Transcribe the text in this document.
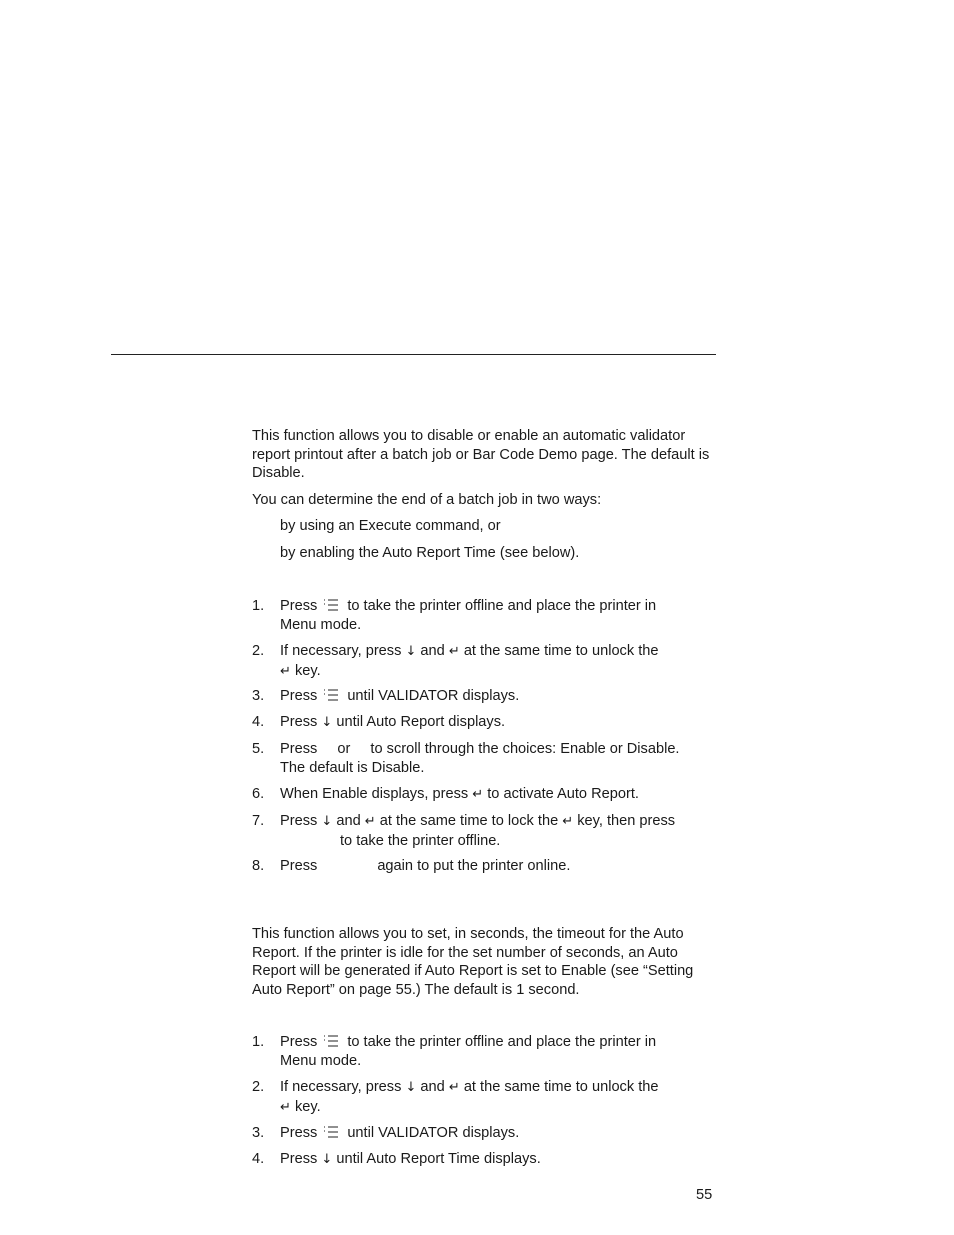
This function allows you to disable or enable an automatic validator report printout after a batch job or Bar Code Demo page. The default is Disable.

You can determine the end of a batch job in two ways:

by using an Execute command, or

by enabling the Auto Report Time (see below).

1. Press to take the printer offline and place the printer in
Menu mode.
2. If necessary, press ↓ and ↵ at the same time to unlock the
↵ key.
3. Press until VALIDATOR displays.
4. Press ↓ until Auto Report displays.
5. Press or to scroll through the choices: Enable or Disable.
The default is Disable.
6. When Enable displays, press ↵ to activate Auto Report.
7. Press ↓ and ↵ at the same time to lock the ↵ key, then press
to take the printer offline.
8. Press	again to put the printer online.

This function allows you to set, in seconds, the timeout for the Auto Report. If the printer is idle for the set number of seconds, an Auto Report will be generated if Auto Report is set to Enable (see “Setting Auto Report” on page 55.) The default is 1 second.

1. Press to take the printer offline and place the printer in
Menu mode.
2. If necessary, press ↓ and ↵ at the same time to unlock the
↵ key.
3. Press until VALIDATOR displays.
4. Press ↓ until Auto Report Time displays.
55
